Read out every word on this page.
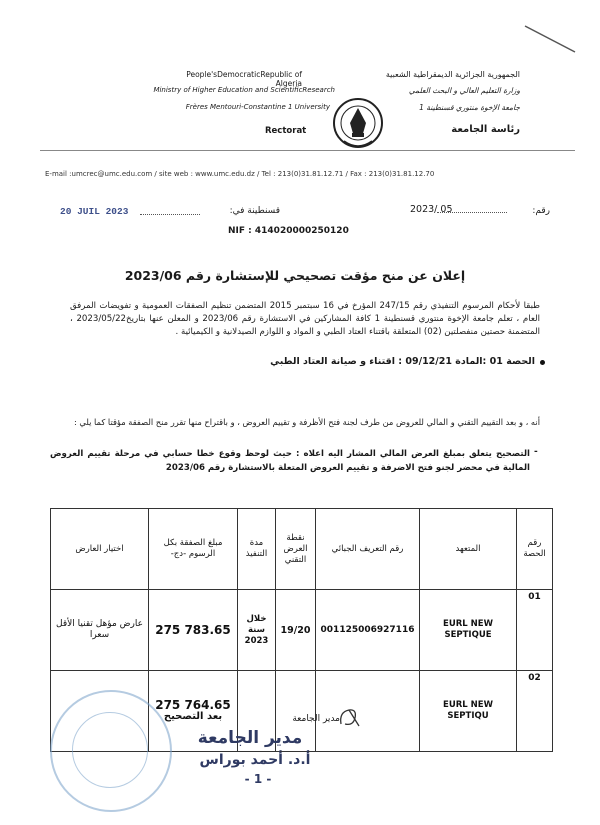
الجمهورية الجزائرية الديمقراطية الشعبية
People'sDemocraticRepublic of Algeria
وزارة التعليم العالي و البحث العلمي
Ministry of Higher Education and ScientificResearch
جامعة الإخوة منتوري قسنطينة 1
Frères Mentouri-Constantine 1 University
Rectorat	رئاسة الجامعة
E-mail :umcrec@umc.edu.com / site web : www.umc.edu.dz / Tel : 213(0)31.81.12.71 / Fax : 213(0)31.81.12.70
رقم:
2023/ 05
قسنطينة في:
20 JUIL 2023
NIF : 414020000250120
إعلان عن منح مؤقت تصحيحي للإستشارة رقم 2023/06
طبقا لأحكام المرسوم التنفيذي رقم 247/15 المؤرخ في 16 سبتمبر 2015 المتضمن تنظيم الصفقات العمومية و تفويضات المرفق العام ، تعلم جامعة الإخوة منتوري قسنطينة 1 كافة المشاركين في الاستشارة رقم 2023/06 و المعلن عنها بتاريخ2023/05/22 ، المتضمنة حصتين منفصلتين (02) المتعلقة باقتناء العتاد الطبي و المواد و اللوازم الصيدلانية و الكيميائية .
الحصة 01 :المادة 09/12/21 : اقتناء و صيانة العتاد الطبي
أنه ، و بعد التقييم التقني و المالي للعروض من طرف لجنة فتح الأظرفة و تقييم العروض ، و باقتراح منها تقرر منح الصفقة مؤقتا كما يلي :
التصحيح يتعلق بمبلغ العرض المالي المشار اليه اعلاه : حيث لوحظ وقوع خطا حسابي في مرحلة تقييم العروض المالية في محضر لجنو فتح الاضرفة و تقييم العروض المتعلة بالاستشارة رقم 2023/06
-
رقم الحصة	المتعهد	رقم التعريف الجبائي	نقطة العرض التقني	مدة التنفيذ	مبلغ الصفقة بكل الرسوم -دج-	اختيار العارض
01	EURL NEW SEPTIQUE	001125006927116	19/20	خلال سنة 2023	275 783.65	عارض مؤهل تقنيا الأقل سعرا
02	EURL NEW SEPTIQU				275 764.65
بعد التصحيح	
		مدير الجامعة
مدير الجامعة
أ.د. أحمد بوراس
- 1 -
